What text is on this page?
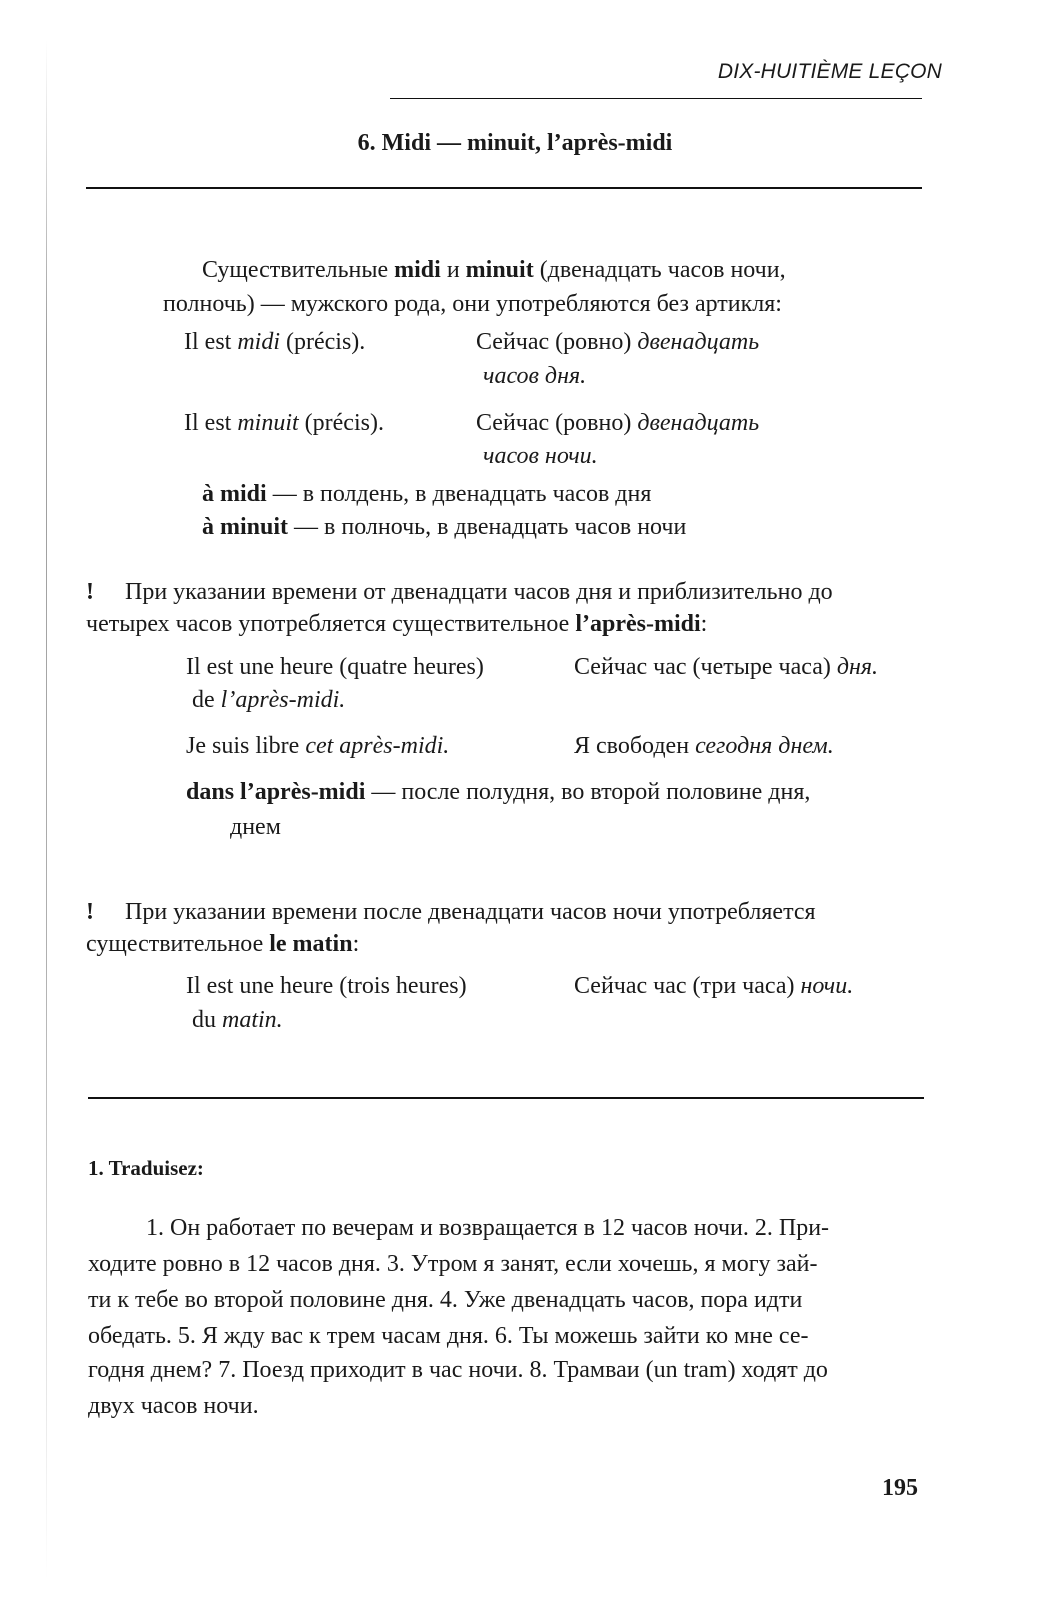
DIX-HUITIÈME LEÇON
6. Midi — minuit, l’après-midi
Существительные midi и minuit (двенадцать часов ночи,
полночь) — мужского рода, они употребляются без артикля:
Il est midi (précis).	Сейчас (ровно) двенадцать
часов дня.
Il est minuit (précis).	Сейчас (ровно) двенадцать
часов ночи.
à midi — в полдень, в двенадцать часов дня
à minuit — в полночь, в двенадцать часов ночи
! При указании времени от двенадцати часов дня и приблизительно до
четырех часов употребляется существительное l’après-midi:
Il est une heure (quatre heures)	Сейчас час (четыре часа) дня.
de l’après-midi.
Je suis libre cet après-midi.	Я свободен сегодня днем.
dans l’après-midi — после полудня, во второй половине дня,
днем
! При указании времени после двенадцати часов ночи употребляется
существительное le matin:
Il est une heure (trois heures)	Сейчас час (три часа) ночи.
du matin.
1. Traduisez:
1. Он работает по вечерам и возвращается в 12 часов ночи. 2. При-
ходите ровно в 12 часов дня. 3. Утром я занят, если хочешь, я могу зай-
ти к тебе во второй половине дня. 4. Уже двенадцать часов, пора идти
обедать. 5. Я жду вас к трем часам дня. 6. Ты можешь зайти ко мне се-
годня днем? 7. Поезд приходит в час ночи. 8. Трамваи (un tram) ходят до
двух часов ночи.
195
